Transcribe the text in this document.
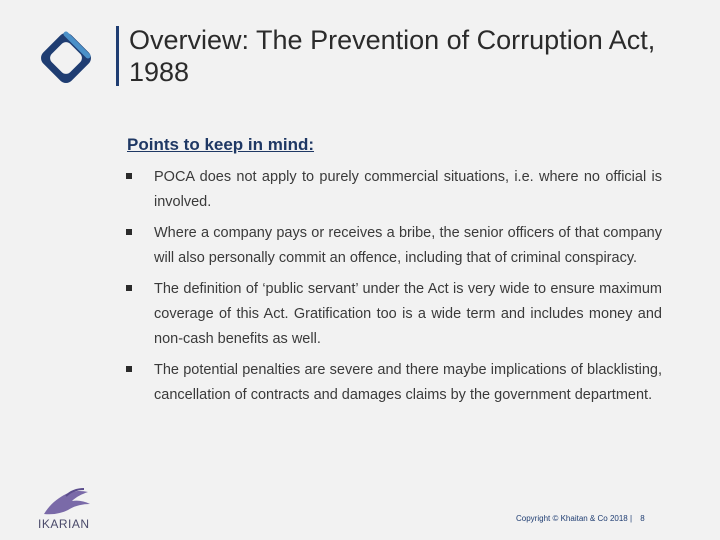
Overview: The Prevention of Corruption Act, 1988
Points to keep in mind:
POCA does not apply to purely commercial situations, i.e. where no official is involved.
Where a company pays or receives a bribe, the senior officers of that company will also personally commit an offence, including that of criminal conspiracy.
The definition of ‘public servant’ under the Act is very wide to ensure maximum coverage of this Act. Gratification too is a wide term and includes money and non-cash benefits as well.
The potential penalties are severe and there maybe implications of blacklisting, cancellation of contracts and damages claims by the government department.
IKARIAN	Copyright © Khaitan & Co 2018 | 8
